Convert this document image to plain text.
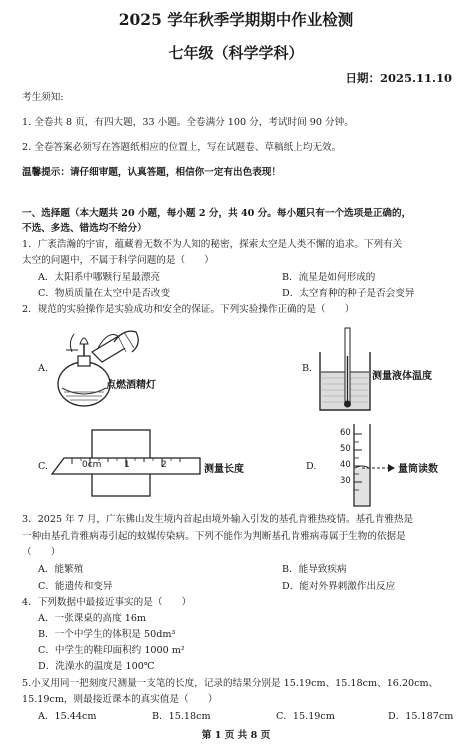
2025 学年秋季学期期中作业检测
七年级（科学学科）
日期：2025.11.10
考生须知:
1. 全卷共 8 页，有四大题，33 小题。全卷满分 100 分，考试时间 90 分钟。
2. 全卷答案必须写在答题纸相应的位置上，写在试题卷、草稿纸上均无效。
温馨提示：请仔细审题，认真答题，相信你一定有出色表现！
一、选择题（本大题共 20 小题，每小题 2 分，共 40 分。每小题只有一个选项是正确的，
不选、多选、错选均不给分）
1．广袤浩瀚的宇宙，蕴藏着无数不为人知的秘密，探索太空是人类不懈的追求。下列有关
太空的问题中，不属于科学问题的是（　　）
A．太阳系中哪颗行星最漂亮	B．流星是如何形成的
C．物质质量在太空中是否改变	D．太空育种的种子是否会变异
2．规范的实验操作是实验成功和安全的保证。下列实验操作正确的是（　　）
A.
点燃酒精灯
B.
测量液体温度
C.	0cm	1	2	测量长度	D.
60
50
40
30
量筒读数
3．2025 年 7 月，广东佛山发生境内首起由境外输入引发的基孔肯雅热疫情。基孔肯雅热是
一种由基孔肯雅病毒引起的蚊媒传染病。下列不能作为判断基孔肯雅病毒属于生物的依据是
（　　）
A．能繁殖	B．能导致疾病
C．能遗传和变异	D．能对外界刺激作出反应
4．下列数据中最接近事实的是（　　）
A．一张课桌的高度 16m
B．一个中学生的体积是 50dm³
C．中学生的鞋印面积约 1000 m²
D．洗澡水的温度是 100℃
5.小叉用同一把刻度尺测量一支笔的长度，记录的结果分别是 15.19cm、15.18cm、16.20cm、
15.19cm，则最接近课本的真实值是（　　）
A．15.44cm	B．15.18cm	C．15.19cm	D．15.187cm
第 1 页 共 8 页
